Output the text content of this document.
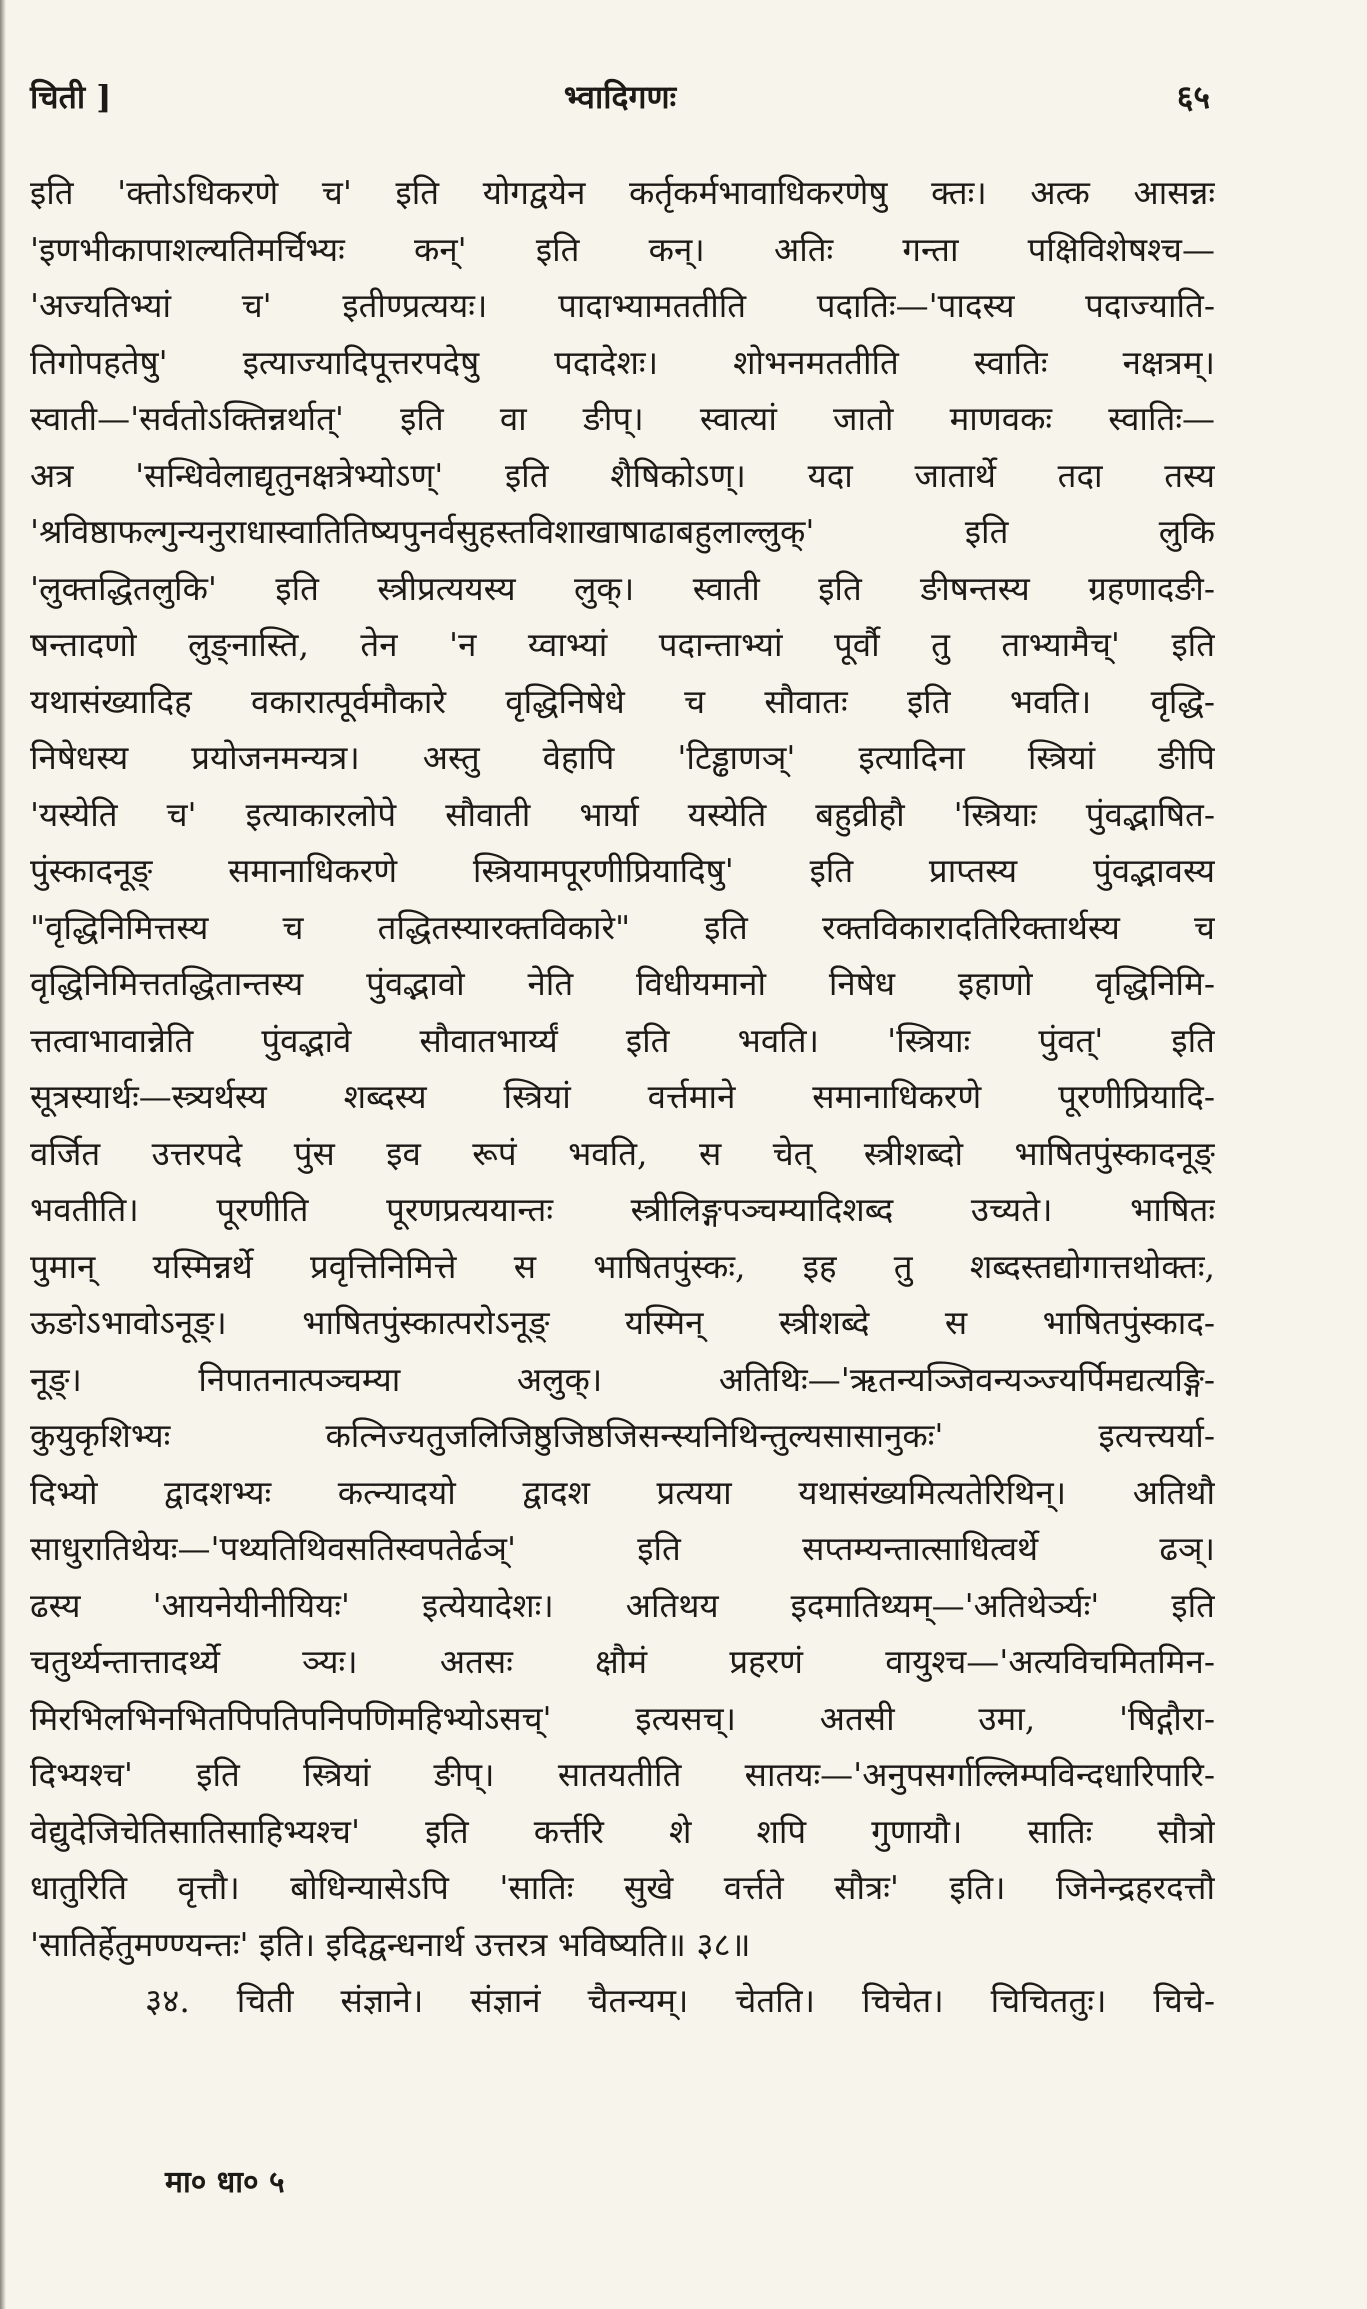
चिती ]	भ्वादिगणः	६५
इति 'क्तोऽधिकरणे च' इति योगद्वयेन कर्तृकर्मभावाधिकरणेषु क्तः। अत्क आसन्नः
'इणभीकापाशल्यतिमर्चिभ्यः कन्' इति कन्। अतिः गन्ता पक्षिविशेषश्च—
'अज्यतिभ्यां च' इतीण्प्रत्ययः। पादाभ्यामततीति पदातिः—'पादस्य पदाज्याति-
तिगोपहतेषु' इत्याज्यादिपूत्तरपदेषु पदादेशः। शोभनमततीति स्वातिः नक्षत्रम्।
स्वाती—'सर्वतोऽक्तिन्नर्थात्' इति वा ङीप्। स्वात्यां जातो माणवकः स्वातिः—
अत्र 'सन्धिवेलाद्यृतुनक्षत्रेभ्योऽण्' इति शैषिकोऽण्। यदा जातार्थे तदा तस्य
'श्रविष्ठाफल्गुन्यनुराधास्वातितिष्यपुनर्वसुहस्तविशाखाषाढाबहुलाल्लुक्' इति लुकि
'लुक्तद्धितलुकि' इति स्त्रीप्रत्ययस्य लुक्। स्वाती इति ङीषन्तस्य ग्रहणादङी-
षन्तादणो लुङ्नास्ति, तेन 'न य्वाभ्यां पदान्ताभ्यां पूर्वौ तु ताभ्यामैच्' इति
यथासंख्यादिह वकारात्पूर्वमौकारे वृद्धिनिषेधे च सौवातः इति भवति। वृद्धि-
निषेधस्य प्रयोजनमन्यत्र। अस्तु वेहापि 'टिड्ढाणञ्' इत्यादिना स्त्रियां ङीपि
'यस्येति च' इत्याकारलोपे सौवाती भार्या यस्येति बहुव्रीहौ 'स्त्रियाः पुंवद्भाषित-
पुंस्कादनूङ् समानाधिकरणे स्त्रियामपूरणीप्रियादिषु' इति प्राप्तस्य पुंवद्भावस्य
"वृद्धिनिमित्तस्य च तद्धितस्यारक्तविकारे" इति रक्तविकारादतिरिक्तार्थस्य च
वृद्धिनिमित्ततद्धितान्तस्य पुंवद्भावो नेति विधीयमानो निषेध इहाणो वृद्धिनिमि-
त्तत्वाभावान्नेति पुंवद्भावे सौवातभार्य्यं इति भवति। 'स्त्रियाः पुंवत्' इति
सूत्रस्यार्थः—स्त्र्यर्थस्य शब्दस्य स्त्रियां वर्त्तमाने समानाधिकरणे पूरणीप्रियादि-
वर्जित उत्तरपदे पुंस इव रूपं भवति, स चेत् स्त्रीशब्दो भाषितपुंस्कादनूङ्
भवतीति। पूरणीति पूरणप्रत्ययान्तः स्त्रीलिङ्गपञ्चम्यादिशब्द उच्यते। भाषितः
पुमान् यस्मिन्नर्थे प्रवृत्तिनिमित्ते स भाषितपुंस्कः, इह तु शब्दस्तद्योगात्तथोक्तः,
ऊङोऽभावोऽनूङ्। भाषितपुंस्कात्परोऽनूङ् यस्मिन् स्त्रीशब्दे स भाषितपुंस्काद-
नूङ्। निपातनात्पञ्चम्या अलुक्। अतिथिः—'ऋतन्यञ्जिवन्यञ्ज्यर्पिमद्यत्यङ्गि-
कुयुकृशिभ्यः कत्निज्यतुजलिजिष्ठुजिष्ठजिसन्स्यनिथिन्तुल्यसासानुकः' इत्यत्त्यर्या-
दिभ्यो द्वादशभ्यः कत्न्यादयो द्वादश प्रत्यया यथासंख्यमित्यतेरिथिन्। अतिथौ
साधुरातिथेयः—'पथ्यतिथिवसतिस्वपतेर्ढञ्' इति सप्तम्यन्तात्साधित्वर्थे ढञ्।
ढस्य 'आयनेयीनीयियः' इत्येयादेशः। अतिथय इदमातिथ्यम्—'अतिथेर्ञ्यः' इति
चतुर्थ्यन्तात्तादर्थ्ये ञ्यः। अतसः क्षौमं प्रहरणं वायुश्च—'अत्यविचमितमिन-
मिरभिलभिनभितपिपतिपनिपणिमहिभ्योऽसच्' इत्यसच्। अतसी उमा, 'षिद्गौरा-
दिभ्यश्च' इति स्त्रियां ङीप्। सातयतीति सातयः—'अनुपसर्गाल्लिम्पविन्दधारिपारि-
वेद्युदेजिचेतिसातिसाहिभ्यश्च' इति कर्त्तरि शे शपि गुणायौ। सातिः सौत्रो
धातुरिति वृत्तौ। बोधिन्यासेऽपि 'सातिः सुखे वर्त्तते सौत्रः' इति। जिनेन्द्रहरदत्तौ
'सातिर्हेतुमण्ण्यन्तः' इति। इदिद्वन्धनार्थ उत्तरत्र भविष्यति॥ ३८॥
३४. चिती संज्ञाने। संज्ञानं चैतन्यम्। चेतति। चिचेत। चिचिततुः। चिचे-
मा० धा० ५
